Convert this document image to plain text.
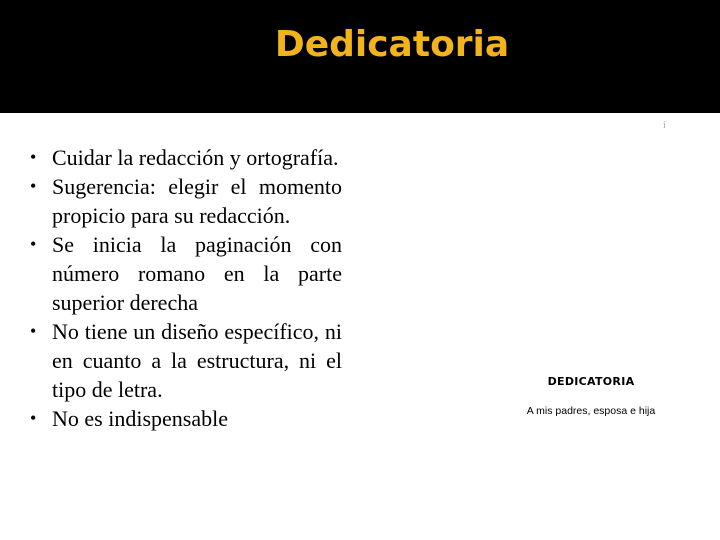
Dedicatoria
• Cuidar la redacción y ortografía.
• Sugerencia: elegir el momento propicio para su redacción.
• Se inicia la paginación con número romano en la parte superior derecha
• No tiene un diseño específico, ni en cuanto a la estructura, ni el tipo de letra.
• No es indispensable
i
DEDICATORIA
A mis padres, esposa e hija
